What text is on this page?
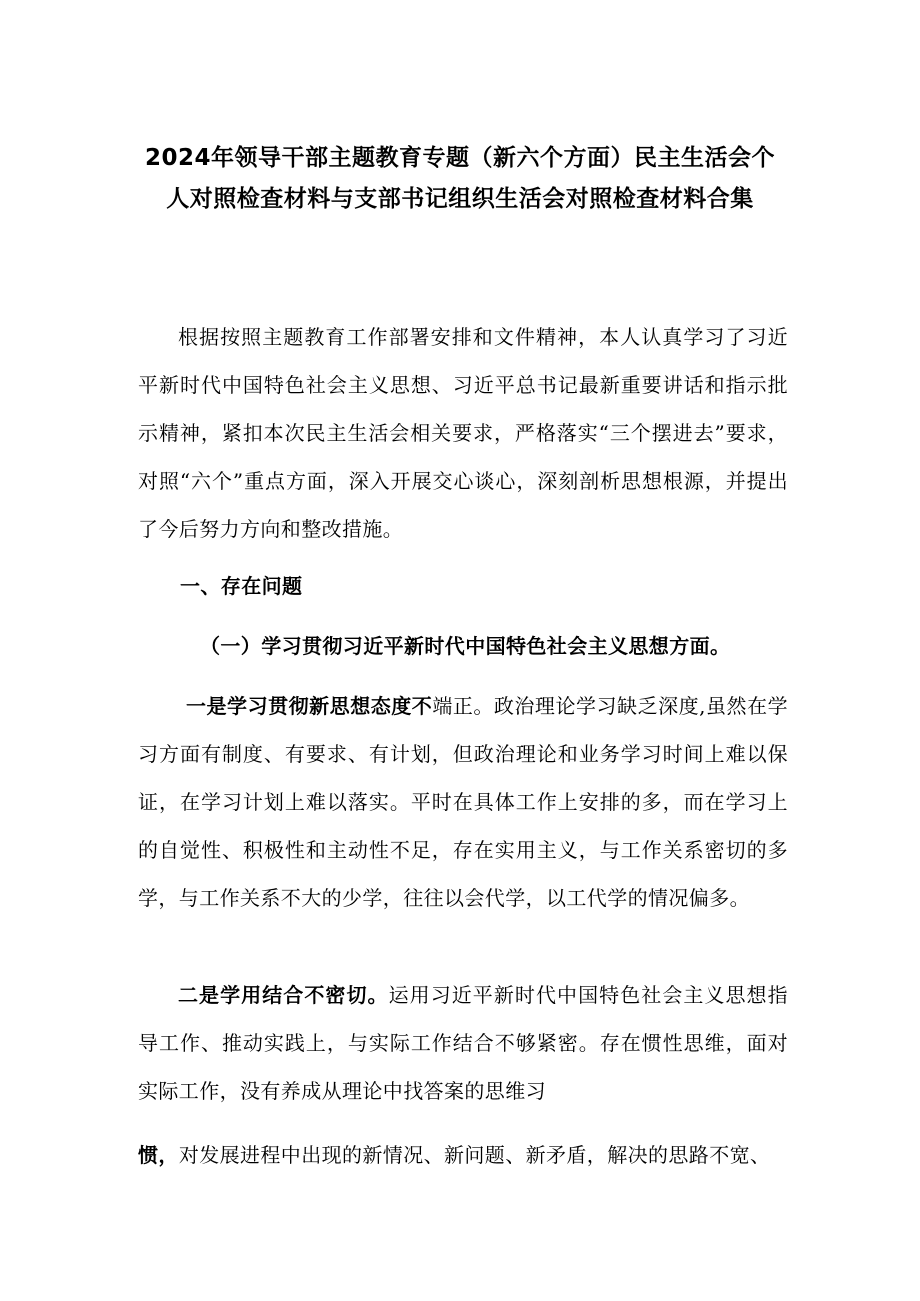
2024年领导干部主题教育专题（新六个方面）民主生活会个
人对照检查材料与支部书记组织生活会对照检查材料合集
根据按照主题教育工作部署安排和文件精神，本人认真学习了习近平新时代中国特色社会主义思想、习近平总书记最新重要讲话和指示批示精神，紧扣本次民主生活会相关要求，严格落实“三个摆进去”要求，对照“六个”重点方面，深入开展交心谈心，深刻剖析思想根源，并提出了今后努力方向和整改措施。
一、存在问题
（一）学习贯彻习近平新时代中国特色社会主义思想方面。
一是学习贯彻新思想态度不端正。政治理论学习缺乏深度,虽然在学习方面有制度、有要求、有计划，但政治理论和业务学习时间上难以保证，在学习计划上难以落实。平时在具体工作上安排的多，而在学习上的自觉性、积极性和主动性不足，存在实用主义，与工作关系密切的多学，与工作关系不大的少学，往往以会代学，以工代学的情况偏多。
二是学用结合不密切。运用习近平新时代中国特色社会主义思想指导工作、推动实践上，与实际工作结合不够紧密。存在惯性思维，面对实际工作，没有养成从理论中找答案的思维习
惯，对发展进程中出现的新情况、新问题、新矛盾，解决的思路不宽、
